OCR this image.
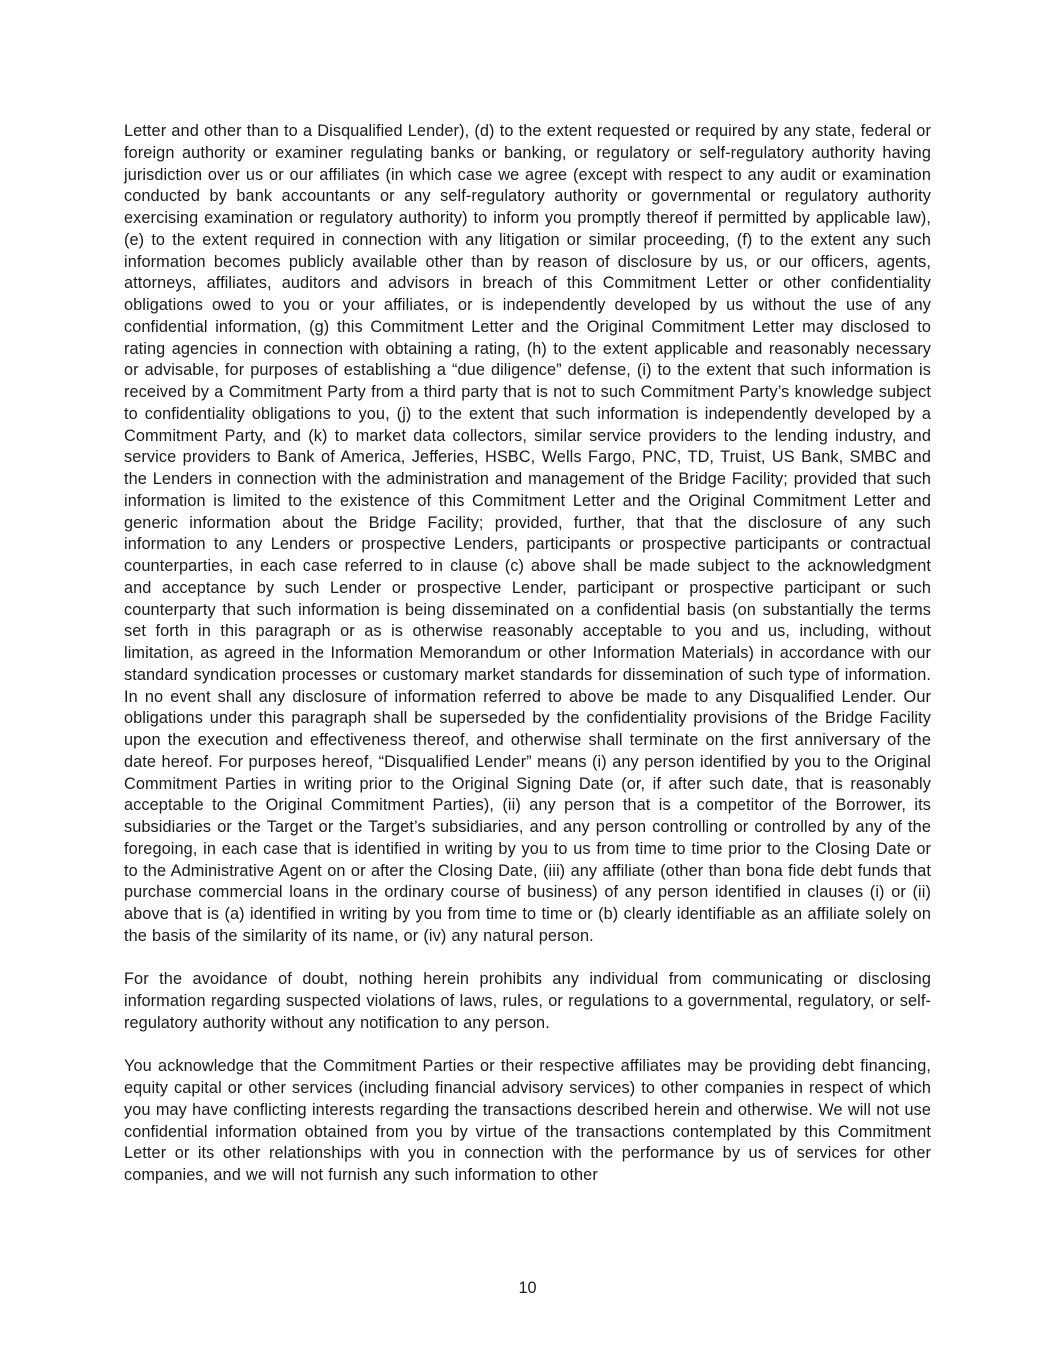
Letter and other than to a Disqualified Lender), (d) to the extent requested or required by any state, federal or foreign authority or examiner regulating banks or banking, or regulatory or self-regulatory authority having jurisdiction over us or our affiliates (in which case we agree (except with respect to any audit or examination conducted by bank accountants or any self-regulatory authority or governmental or regulatory authority exercising examination or regulatory authority) to inform you promptly thereof if permitted by applicable law), (e) to the extent required in connection with any litigation or similar proceeding, (f) to the extent any such information becomes publicly available other than by reason of disclosure by us, or our officers, agents, attorneys, affiliates, auditors and advisors in breach of this Commitment Letter or other confidentiality obligations owed to you or your affiliates, or is independently developed by us without the use of any confidential information, (g) this Commitment Letter and the Original Commitment Letter may disclosed to rating agencies in connection with obtaining a rating, (h) to the extent applicable and reasonably necessary or advisable, for purposes of establishing a “due diligence” defense, (i) to the extent that such information is received by a Commitment Party from a third party that is not to such Commitment Party’s knowledge subject to confidentiality obligations to you, (j) to the extent that such information is independently developed by a Commitment Party, and (k) to market data collectors, similar service providers to the lending industry, and service providers to Bank of America, Jefferies, HSBC, Wells Fargo, PNC, TD, Truist, US Bank, SMBC and the Lenders in connection with the administration and management of the Bridge Facility; provided that such information is limited to the existence of this Commitment Letter and the Original Commitment Letter and generic information about the Bridge Facility; provided, further, that that the disclosure of any such information to any Lenders or prospective Lenders, participants or prospective participants or contractual counterparties, in each case referred to in clause (c) above shall be made subject to the acknowledgment and acceptance by such Lender or prospective Lender, participant or prospective participant or such counterparty that such information is being disseminated on a confidential basis (on substantially the terms set forth in this paragraph or as is otherwise reasonably acceptable to you and us, including, without limitation, as agreed in the Information Memorandum or other Information Materials) in accordance with our standard syndication processes or customary market standards for dissemination of such type of information. In no event shall any disclosure of information referred to above be made to any Disqualified Lender. Our obligations under this paragraph shall be superseded by the confidentiality provisions of the Bridge Facility upon the execution and effectiveness thereof, and otherwise shall terminate on the first anniversary of the date hereof. For purposes hereof, “Disqualified Lender” means (i) any person identified by you to the Original Commitment Parties in writing prior to the Original Signing Date (or, if after such date, that is reasonably acceptable to the Original Commitment Parties), (ii) any person that is a competitor of the Borrower, its subsidiaries or the Target or the Target’s subsidiaries, and any person controlling or controlled by any of the foregoing, in each case that is identified in writing by you to us from time to time prior to the Closing Date or to the Administrative Agent on or after the Closing Date, (iii) any affiliate (other than bona fide debt funds that purchase commercial loans in the ordinary course of business) of any person identified in clauses (i) or (ii) above that is (a) identified in writing by you from time to time or (b) clearly identifiable as an affiliate solely on the basis of the similarity of its name, or (iv) any natural person.

For the avoidance of doubt, nothing herein prohibits any individual from communicating or disclosing information regarding suspected violations of laws, rules, or regulations to a governmental, regulatory, or self-regulatory authority without any notification to any person.

You acknowledge that the Commitment Parties or their respective affiliates may be providing debt financing, equity capital or other services (including financial advisory services) to other companies in respect of which you may have conflicting interests regarding the transactions described herein and otherwise. We will not use confidential information obtained from you by virtue of the transactions contemplated by this Commitment Letter or its other relationships with you in connection with the performance by us of services for other companies, and we will not furnish any such information to other

10
